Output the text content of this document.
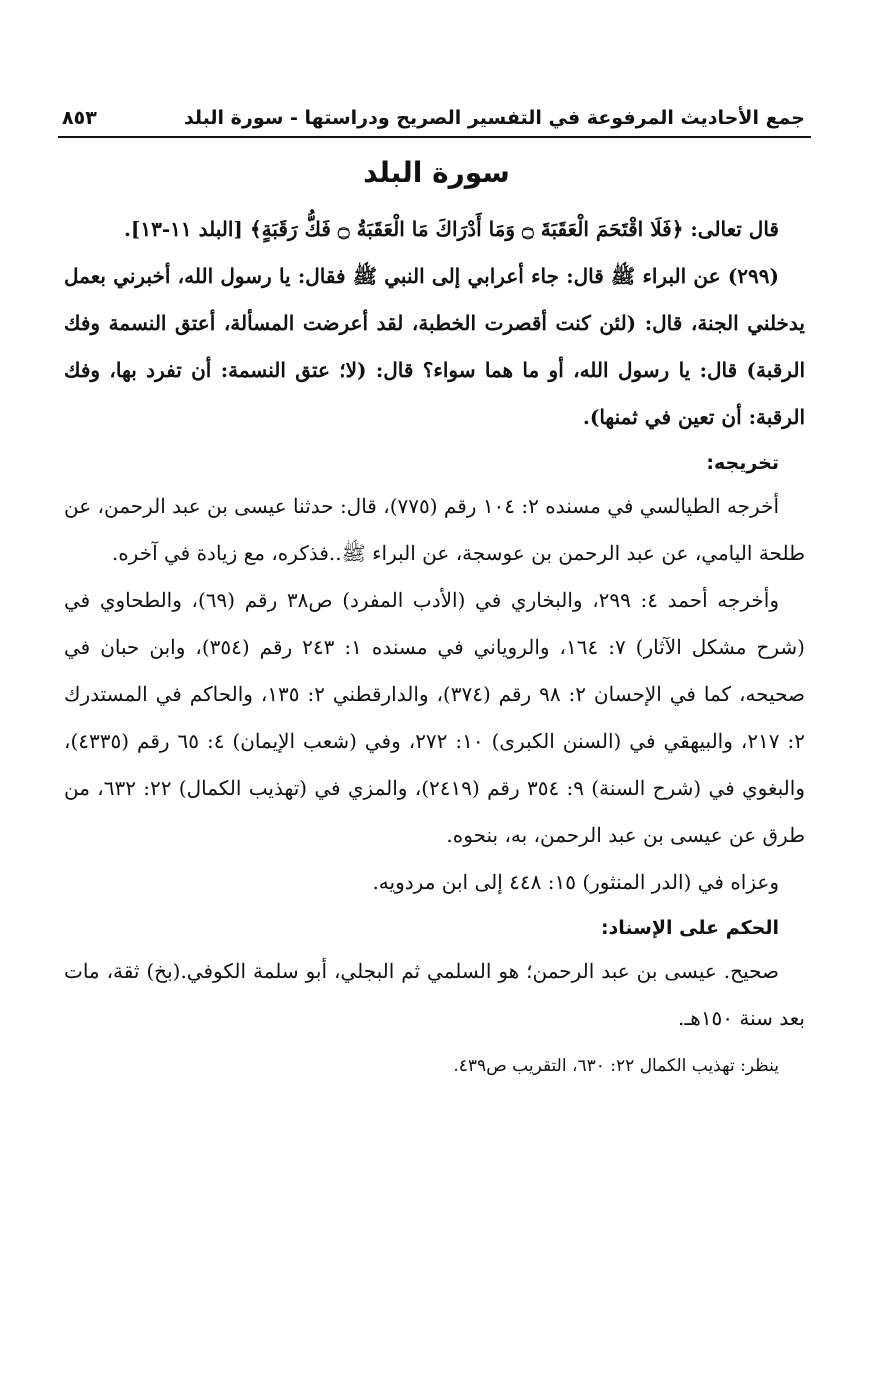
جمع الأحاديث المرفوعة في التفسير الصريح ودراستها - سورة البلد
٨٥٣
سورة البلد

قال تعالى: ﴿فَلَا اقْتَحَمَ الْعَقَبَةَ ۝ وَمَا أَدْرَاكَ مَا الْعَقَبَةُ ۝ فَكُّ رَقَبَةٍ﴾ [البلد ١١-١٣].

(٢٩٩) عن البراء ﷺ قال: جاء أعرابي إلى النبي ﷺ فقال: يا رسول الله، أخبرني بعمل يدخلني الجنة، قال: (لئن كنت أقصرت الخطبة، لقد أعرضت المسألة، أعتق النسمة وفك الرقبة) قال: يا رسول الله، أو ما هما سواء؟ قال: (لا؛ عتق النسمة: أن تفرد بها، وفك الرقبة: أن تعين في ثمنها).

تخريجه:

أخرجه الطيالسي في مسنده ٢: ١٠٤ رقم (٧٧٥)، قال: حدثنا عيسى بن عبد الرحمن، عن طلحة اليامي، عن عبد الرحمن بن عوسجة، عن البراء ﷺ..فذكره، مع زيادة في آخره.

وأخرجه أحمد ٤: ٢٩٩، والبخاري في (الأدب المفرد) ص٣٨ رقم (٦٩)، والطحاوي في (شرح مشكل الآثار) ٧: ١٦٤، والروياني في مسنده ١: ٢٤٣ رقم (٣٥٤)، وابن حبان في صحيحه، كما في الإحسان ٢: ٩٨ رقم (٣٧٤)، والدارقطني ٢: ١٣٥، والحاكم في المستدرك ٢: ٢١٧، والبيهقي في (السنن الكبرى) ١٠: ٢٧٢، وفي (شعب الإيمان) ٤: ٦٥ رقم (٤٣٣٥)، والبغوي في (شرح السنة) ٩: ٣٥٤ رقم (٢٤١٩)، والمزي في (تهذيب الكمال) ٢٢: ٦٣٢، من طرق عن عيسى بن عبد الرحمن، به، بنحوه.

وعزاه في (الدر المنثور) ١٥: ٤٤٨ إلى ابن مردويه.

الحكم على الإسناد:

صحيح. عيسى بن عبد الرحمن؛ هو السلمي ثم البجلي، أبو سلمة الكوفي.(بخ) ثقة، مات بعد سنة ١٥٠هـ.

ينظر: تهذيب الكمال ٢٢: ٦٣٠، التقريب ص٤٣٩.
